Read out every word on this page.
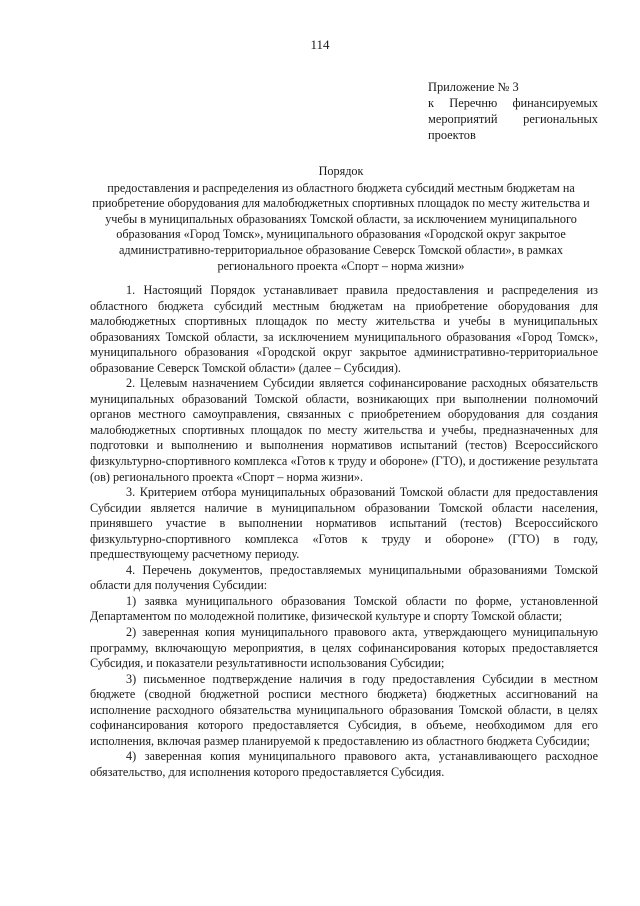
114
Приложение № 3
к Перечню финансируемых
мероприятий региональных
проектов
Порядок
предоставления и распределения из областного бюджета субсидий местным бюджетам на приобретение оборудования для малобюджетных спортивных площадок по месту жительства и учебы в муниципальных образованиях Томской области, за исключением муниципального образования «Город Томск», муниципального образования «Городской округ закрытое административно-территориальное образование Северск Томской области», в рамках регионального проекта «Спорт – норма жизни»

1. Настоящий Порядок устанавливает правила предоставления и распределения из областного бюджета субсидий местным бюджетам на приобретение оборудования для малобюджетных спортивных площадок по месту жительства и учебы в муниципальных образованиях Томской области, за исключением муниципального образования «Город Томск», муниципального образования «Городской округ закрытое административно-территориальное образование Северск Томской области» (далее – Субсидия).

2. Целевым назначением Субсидии является софинансирование расходных обязательств муниципальных образований Томской области, возникающих при выполнении полномочий органов местного самоуправления, связанных с приобретением оборудования для создания малобюджетных спортивных площадок по месту жительства и учебы, предназначенных для подготовки и выполнению и выполнения нормативов испытаний (тестов) Всероссийского физкультурно-спортивного комплекса «Готов к труду и обороне» (ГТО), и достижение результата (ов) регионального проекта «Спорт – норма жизни».

3. Критерием отбора муниципальных образований Томской области для предоставления Субсидии является наличие в муниципальном образовании Томской области населения, принявшего участие в выполнении нормативов испытаний (тестов) Всероссийского физкультурно-спортивного комплекса «Готов к труду и обороне» (ГТО) в году, предшествующему расчетному периоду.

4. Перечень документов, предоставляемых муниципальными образованиями Томской области для получения Субсидии:

1) заявка муниципального образования Томской области по форме, установленной Департаментом по молодежной политике, физической культуре и спорту Томской области;

2) заверенная копия муниципального правового акта, утверждающего муниципальную программу, включающую мероприятия, в целях софинансирования которых предоставляется Субсидия, и показатели результативности использования Субсидии;

3) письменное подтверждение наличия в году предоставления Субсидии в местном бюджете (сводной бюджетной росписи местного бюджета) бюджетных ассигнований на исполнение расходного обязательства муниципального образования Томской области, в целях софинансирования которого предоставляется Субсидия, в объеме, необходимом для его исполнения, включая размер планируемой к предоставлению из областного бюджета Субсидии;

4) заверенная копия муниципального правового акта, устанавливающего расходное обязательство, для исполнения которого предоставляется Субсидия.
